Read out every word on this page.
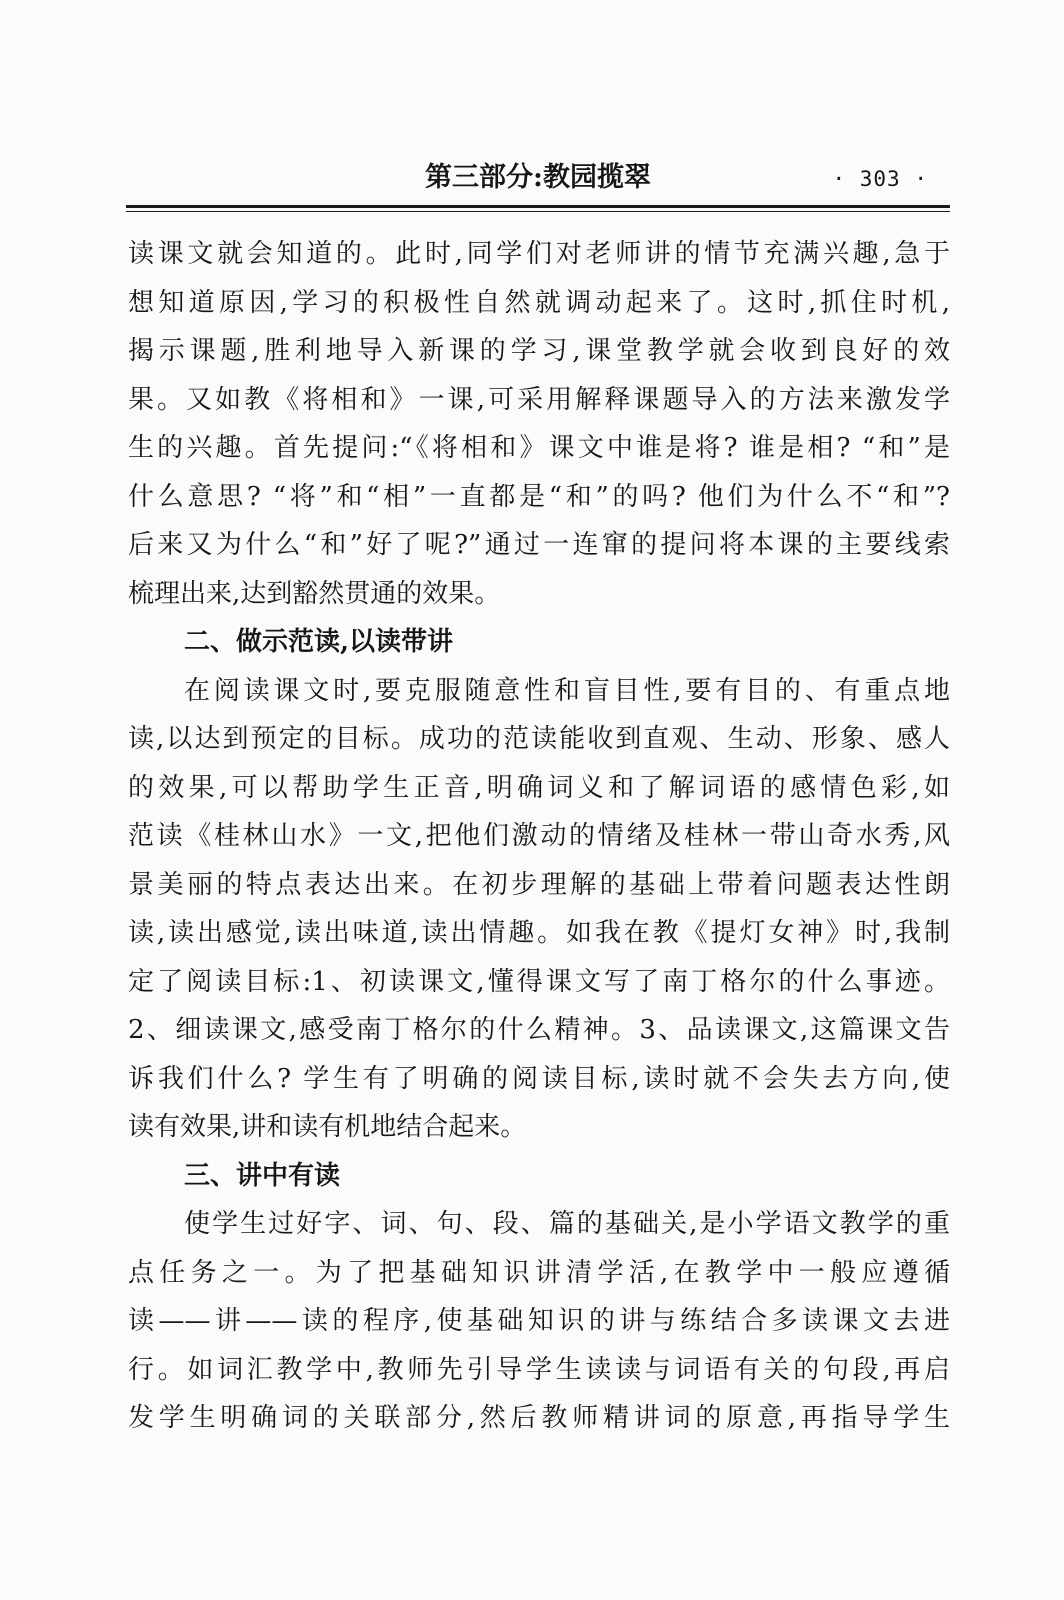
第三部分:教园揽翠	· 303 ·
读课文就会知道的。此时,同学们对老师讲的情节充满兴趣,急于
想知道原因,学习的积极性自然就调动起来了。这时,抓住时机,
揭示课题,胜利地导入新课的学习,课堂教学就会收到良好的效
果。又如教《将相和》一课,可采用解释课题导入的方法来激发学
生的兴趣。首先提问:“《将相和》课文中谁是将? 谁是相? “和”是
什么意思? “将”和“相”一直都是“和”的吗? 他们为什么不“和”?
后来又为什么“和”好了呢?”通过一连窜的提问将本课的主要线索
梳理出来,达到豁然贯通的效果。
二、做示范读,以读带讲
在阅读课文时,要克服随意性和盲目性,要有目的、有重点地
读,以达到预定的目标。成功的范读能收到直观、生动、形象、感人
的效果,可以帮助学生正音,明确词义和了解词语的感情色彩,如
范读《桂林山水》一文,把他们激动的情绪及桂林一带山奇水秀,风
景美丽的特点表达出来。在初步理解的基础上带着问题表达性朗
读,读出感觉,读出味道,读出情趣。如我在教《提灯女神》时,我制
定了阅读目标:1、初读课文,懂得课文写了南丁格尔的什么事迹。
2、细读课文,感受南丁格尔的什么精神。3、品读课文,这篇课文告
诉我们什么? 学生有了明确的阅读目标,读时就不会失去方向,使
读有效果,讲和读有机地结合起来。
三、讲中有读
使学生过好字、词、句、段、篇的基础关,是小学语文教学的重
点任务之一。为了把基础知识讲清学活,在教学中一般应遵循
读——讲——读的程序,使基础知识的讲与练结合多读课文去进
行。如词汇教学中,教师先引导学生读读与词语有关的句段,再启
发学生明确词的关联部分,然后教师精讲词的原意,再指导学生
